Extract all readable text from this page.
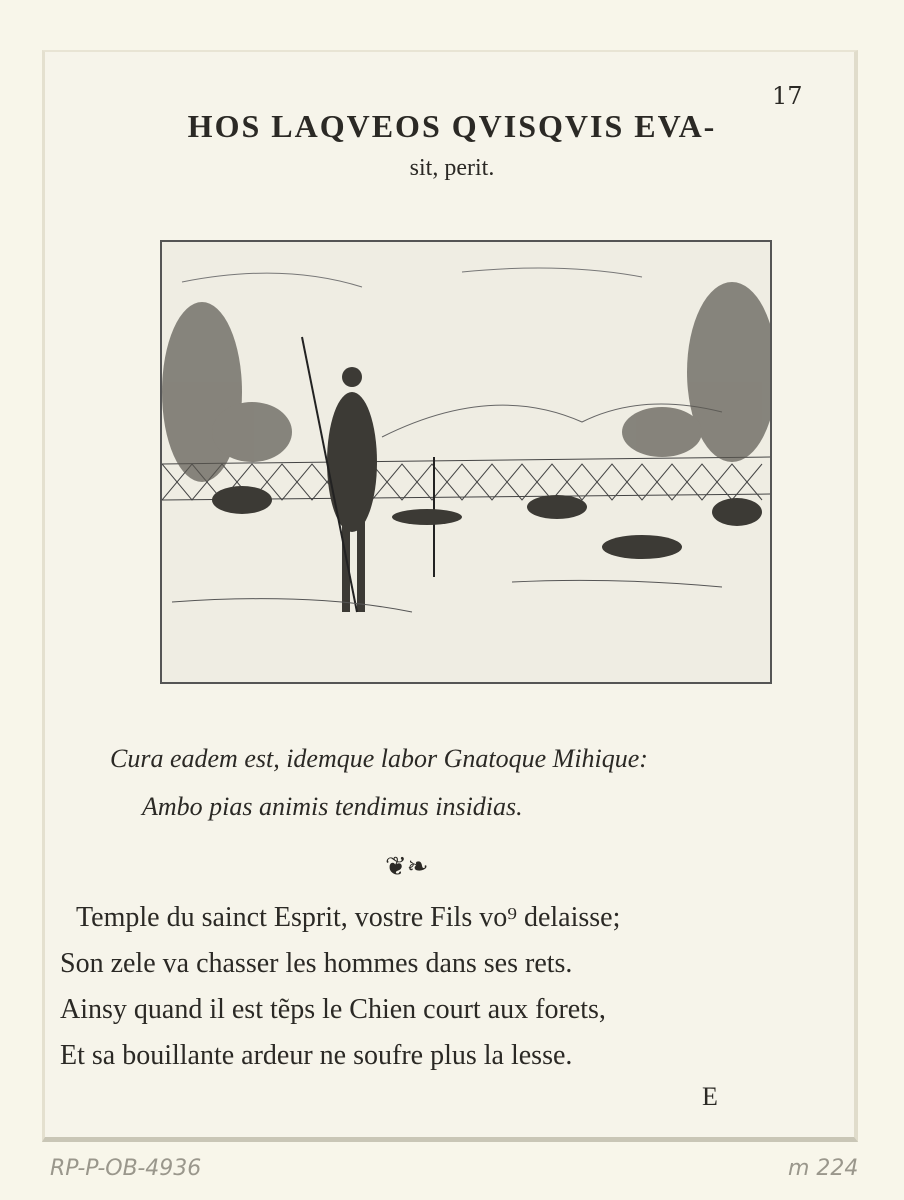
17
HOS LAQVEOS QVISQVIS EVA-
sit, perit.
Cura eadem est, idemque labor Gnatoque Mihique:
Ambo pias animis tendimus insidias.
❦❧
Temple du sainct Esprit, vostre Fils vo⁹ delaisse;
Son zele va chasser les hommes dans ses rets.
Ainsy quand il est tẽps le Chien court aux forets,
Et sa bouillante ardeur ne soufre plus la lesse.
E
RP-P-OB-4936	m 224
